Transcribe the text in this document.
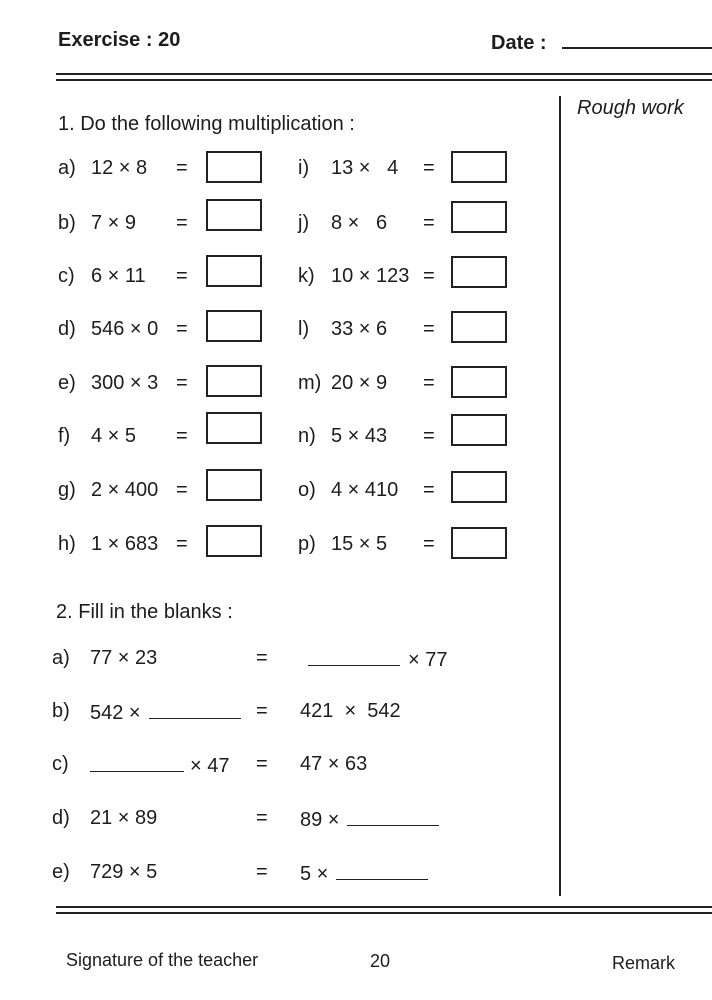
Exercise : 20	Date :
Rough work
1. Do the following multiplication :
a) 12 × 8 =	i) 13 ×   4 =
b) 7 × 9 =	j) 8 ×   6 =
c) 6 × 11 =	k) 10 × 123 =
d) 546 × 0 =	l) 33 × 6 =
e) 300 × 3 =	m) 20 × 9 =
f) 4 × 5 =	n) 5 × 43 =
g) 2 × 400 =	o) 4 × 410 =
h) 1 × 683 =	p) 15 × 5 =
2. Fill in the blanks :
a) 77 × 23	=	× 77
b) 542 ×	= 421  ×  542
c)	× 47 = 47 × 63
d) 21 × 89	= 89 ×
e) 729 × 5	= 5 ×
Signature of the teacher	20	Remark
